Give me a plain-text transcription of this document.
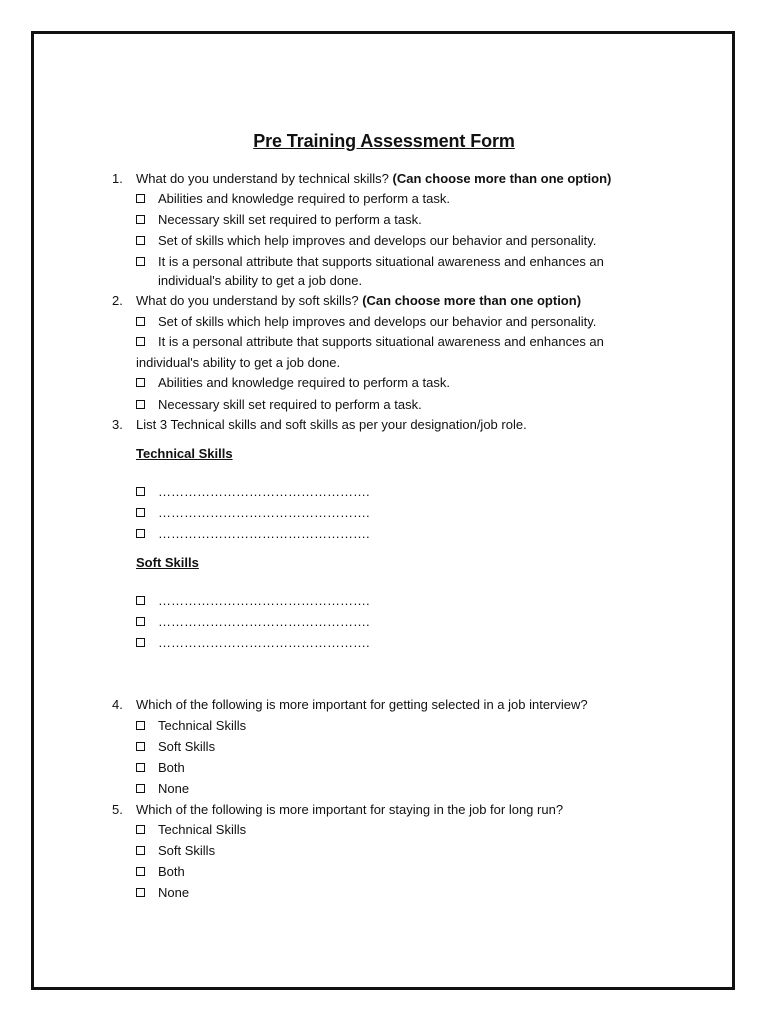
Pre Training Assessment Form
1.	What do you understand by technical skills? (Can choose more than one option)
Abilities and knowledge required to perform a task.
Necessary skill set required to perform a task.
Set of skills which help improves and develops our behavior and personality.
It is a personal attribute that supports situational awareness and enhances an
individual's ability to get a job done.
2.	What do you understand by soft skills? (Can choose more than one option)
Set of skills which help improves and develops our behavior and personality.
It is a personal attribute that supports situational awareness and enhances an
individual's ability to get a job done.
Abilities and knowledge required to perform a task.
Necessary skill set required to perform a task.
3.	List 3 Technical skills and soft skills as per your designation/job role.
Technical Skills
………………………………………….
………………………………………….
………………………………………….
Soft Skills
………………………………………….
………………………………………….
………………………………………….
4.	Which of the following is more important for getting selected in a job interview?
Technical Skills
Soft Skills
Both
None
5.	Which of the following is more important for staying in the job for long run?
Technical Skills
Soft Skills
Both
None
